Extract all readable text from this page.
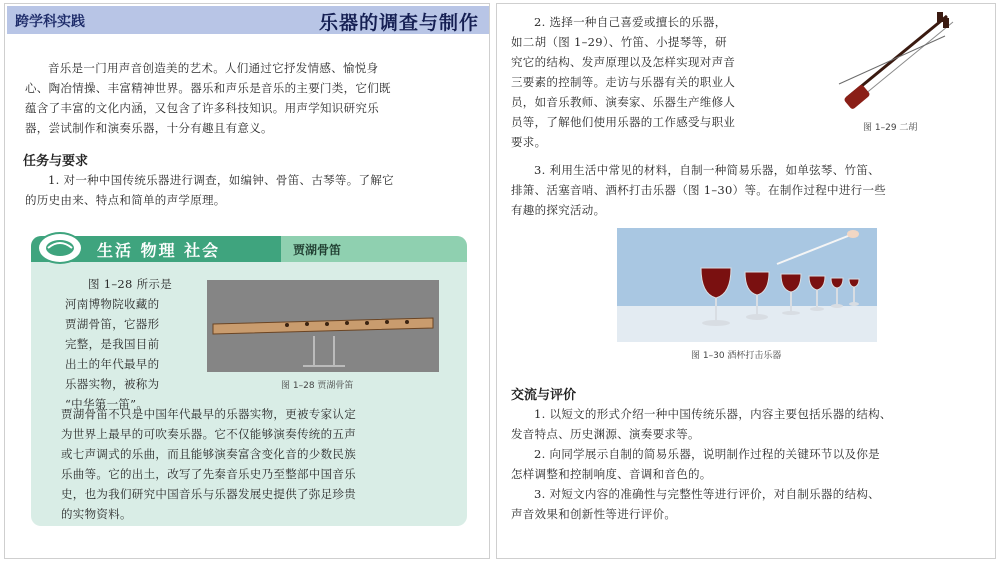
跨学科实践	乐器的调查与制作
音乐是一门用声音创造美的艺术。人们通过它抒发情感、愉悦身
心、陶冶情操、丰富精神世界。器乐和声乐是音乐的主要门类，它们既
蕴含了丰富的文化内涵，又包含了许多科技知识。用声学知识研究乐
器，尝试制作和演奏乐器，十分有趣且有意义。
任务与要求
1. 对一种中国传统乐器进行调查，如编钟、骨笛、古琴等。了解它
的历史由来、特点和简单的声学原理。
生活 物理 社会	贾湖骨笛
图 1–28 所示是
河南博物院收藏的
贾湖骨笛，它器形
完整，是我国目前
出土的年代最早的
乐器实物，被称为
“中华第一笛”。
图 1–28 贾湖骨笛
贾湖骨笛不只是中国年代最早的乐器实物，更被专家认定
为世界上最早的可吹奏乐器。它不仅能够演奏传统的五声
或七声调式的乐曲，而且能够演奏富含变化音的少数民族
乐曲等。它的出土，改写了先秦音乐史乃至整部中国音乐
史，也为我们研究中国音乐与乐器发展史提供了弥足珍贵
的实物资料。
2. 选择一种自己喜爱或擅长的乐器，
如二胡（图 1–29）、竹笛、小提琴等，研
究它的结构、发声原理以及怎样实现对声音
三要素的控制等。走访与乐器有关的职业人
员，如音乐教师、演奏家、乐器生产维修人
员等，了解他们使用乐器的工作感受与职业
要求。
图 1–29 二胡
3. 利用生活中常见的材料，自制一种简易乐器，如单弦琴、竹笛、
排箫、活塞音哨、酒杯打击乐器（图 1–30）等。在制作过程中进行一些
有趣的探究活动。
图 1–30 酒杯打击乐器
交流与评价
1. 以短文的形式介绍一种中国传统乐器，内容主要包括乐器的结构、
发音特点、历史渊源、演奏要求等。
2. 向同学展示自制的简易乐器，说明制作过程的关键环节以及你是
怎样调整和控制响度、音调和音色的。
3. 对短文内容的准确性与完整性等进行评价，对自制乐器的结构、
声音效果和创新性等进行评价。
